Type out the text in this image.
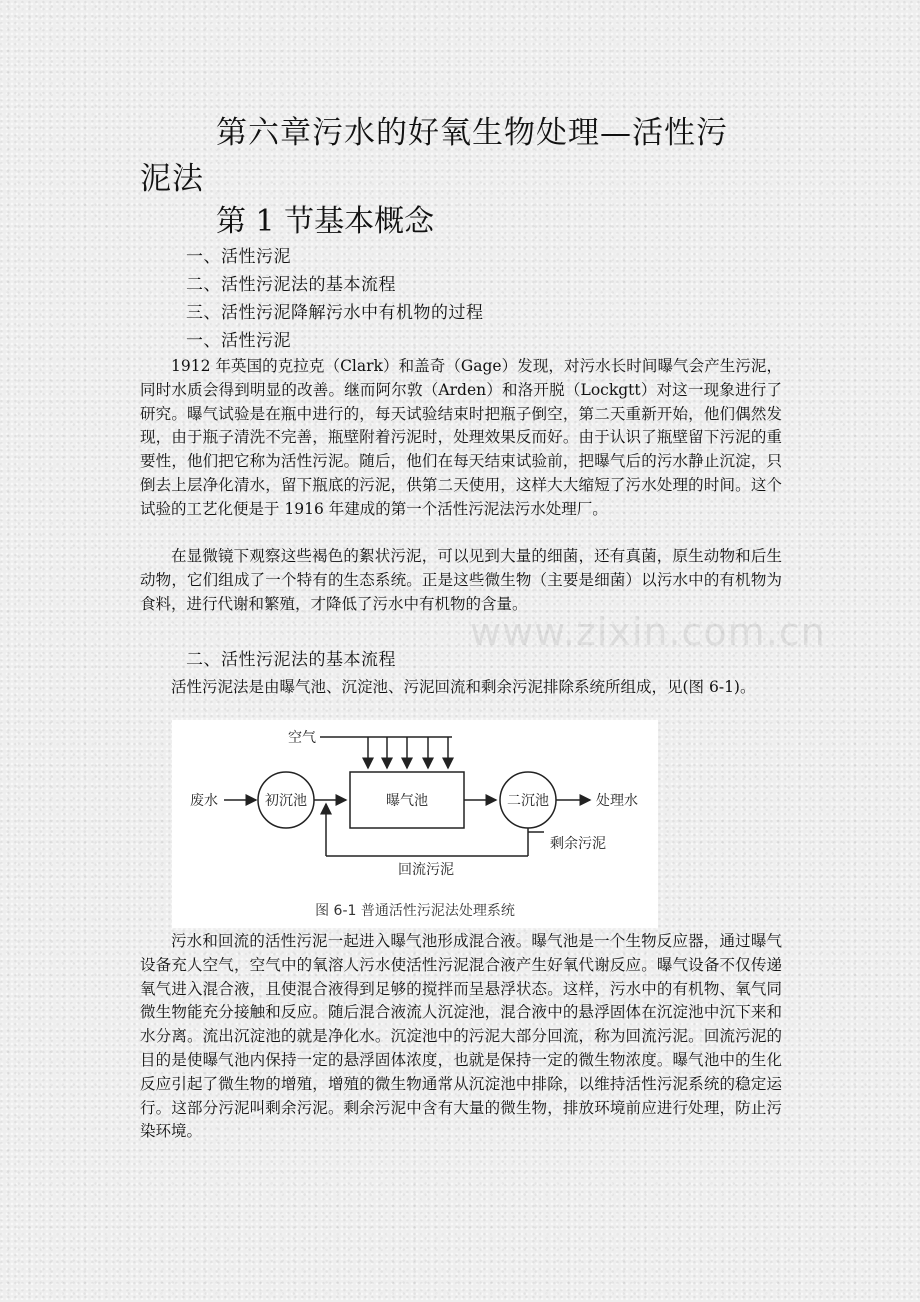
第六章污水的好氧生物处理—活性污
泥法
第 1 节基本概念

一、活性污泥

二、活性污泥法的基本流程

三、活性污泥降解污水中有机物的过程

一、活性污泥

1912 年英国的克拉克（Clark）和盖奇（Gage）发现，对污水长时间曝气会产生污泥，同时水质会得到明显的改善。继而阿尔敦（Arden）和洛开脱（Lockgtt）对这一现象进行了研究。曝气试验是在瓶中进行的，每天试验结束时把瓶子倒空，第二天重新开始，他们偶然发现，由于瓶子清洗不完善，瓶壁附着污泥时，处理效果反而好。由于认识了瓶壁留下污泥的重要性，他们把它称为活性污泥。随后，他们在每天结束试验前，把曝气后的污水静止沉淀，只倒去上层净化清水，留下瓶底的污泥，供第二天使用，这样大大缩短了污水处理的时间。这个试验的工艺化便是于 1916 年建成的第一个活性污泥法污水处理厂。

在显微镜下观察这些褐色的絮状污泥，可以见到大量的细菌，还有真菌，原生动物和后生动物，它们组成了一个特有的生态系统。正是这些微生物（主要是细菌）以污水中的有机物为食料，进行代谢和繁殖，才降低了污水中有机物的含量。

www.zixin.com.cn

二、活性污泥法的基本流程

活性污泥法是由曝气池、沉淀池、污泥回流和剩余污泥排除系统所组成，见(图 6-1)。

空气
废水	初沉池	曝气池	二沉池	处理水
剩余污泥
回流污泥
图 6-1 普通活性污泥法处理系统

污水和回流的活性污泥一起进入曝气池形成混合液。曝气池是一个生物反应器，通过曝气设备充人空气，空气中的氧溶人污水使活性污泥混合液产生好氧代谢反应。曝气设备不仅传递氧气进入混合液，且使混合液得到足够的搅拌而呈悬浮状态。这样，污水中的有机物、氧气同微生物能充分接触和反应。随后混合液流人沉淀池，混合液中的悬浮固体在沉淀池中沉下来和水分离。流出沉淀池的就是净化水。沉淀池中的污泥大部分回流，称为回流污泥。回流污泥的目的是使曝气池内保持一定的悬浮固体浓度，也就是保持一定的微生物浓度。曝气池中的生化反应引起了微生物的增殖，增殖的微生物通常从沉淀池中排除，以维持活性污泥系统的稳定运行。这部分污泥叫剩余污泥。剩余污泥中含有大量的微生物，排放环境前应进行处理，防止污染环境。
